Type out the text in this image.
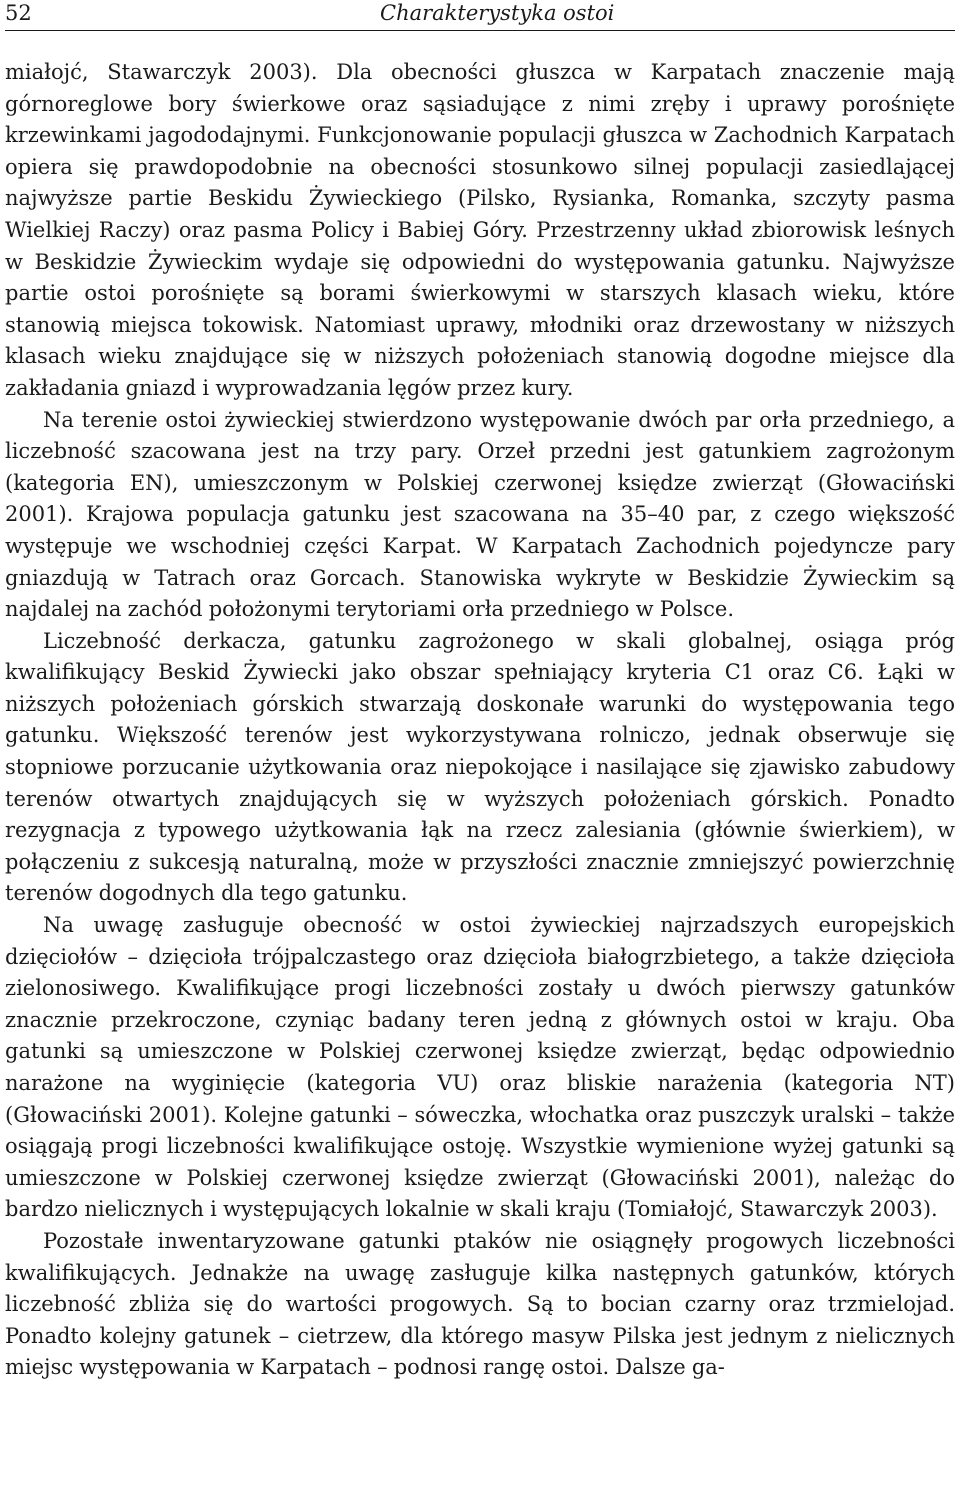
52	Charakterystyka ostoi

miałojć, Stawarczyk 2003). Dla obecności głuszca w Karpatach znaczenie mają górnoreglowe bory świerkowe oraz sąsiadujące z nimi zręby i uprawy porośnięte krzewinkami jagododajnymi. Funkcjonowanie populacji głuszca w Zachodnich Karpatach opiera się prawdopodobnie na obecności stosunkowo silnej populacji zasiedlającej najwyższe partie Beskidu Żywieckiego (Pilsko, Rysianka, Romanka, szczyty pasma Wielkiej Raczy) oraz pasma Policy i Babiej Góry. Przestrzenny układ zbiorowisk leśnych w Beskidzie Żywieckim wydaje się odpowiedni do występowania gatunku. Najwyższe partie ostoi porośnięte są borami świerkowymi w starszych klasach wieku, które stanowią miejsca tokowisk. Natomiast uprawy, młodniki oraz drzewostany w niższych klasach wieku znajdujące się w niższych położeniach stanowią dogodne miejsce dla zakładania gniazd i wyprowadzania lęgów przez kury.

Na terenie ostoi żywieckiej stwierdzono występowanie dwóch par orła przedniego, a liczebność szacowana jest na trzy pary. Orzeł przedni jest gatunkiem zagrożonym (kategoria EN), umieszczonym w Polskiej czerwonej księdze zwierząt (Głowaciński 2001). Krajowa populacja gatunku jest szacowana na 35–40 par, z czego większość występuje we wschodniej części Karpat. W Karpatach Zachodnich pojedyncze pary gniazdują w Tatrach oraz Gorcach. Stanowiska wykryte w Beskidzie Żywieckim są najdalej na zachód położonymi terytoriami orła przedniego w Polsce.

Liczebność derkacza, gatunku zagrożonego w skali globalnej, osiąga próg kwalifikujący Beskid Żywiecki jako obszar spełniający kryteria C1 oraz C6. Łąki w niższych położeniach górskich stwarzają doskonałe warunki do występowania tego gatunku. Większość terenów jest wykorzystywana rolniczo, jednak obserwuje się stopniowe porzucanie użytkowania oraz niepokojące i nasilające się zjawisko zabudowy terenów otwartych znajdujących się w wyższych położeniach górskich. Ponadto rezygnacja z typowego użytkowania łąk na rzecz zalesiania (głównie świerkiem), w połączeniu z sukcesją naturalną, może w przyszłości znacznie zmniejszyć powierzchnię terenów dogodnych dla tego gatunku.

Na uwagę zasługuje obecność w ostoi żywieckiej najrzadszych europejskich dzięciołów – dzięcioła trójpalczastego oraz dzięcioła białogrzbietego, a także dzięcioła zielonosiwego. Kwalifikujące progi liczebności zostały u dwóch pierwszy gatunków znacznie przekroczone, czyniąc badany teren jedną z głównych ostoi w kraju. Oba gatunki są umieszczone w Polskiej czerwonej księdze zwierząt, będąc odpowiednio narażone na wyginięcie (kategoria VU) oraz bliskie narażenia (kategoria NT) (Głowaciński 2001). Kolejne gatunki – sóweczka, włochatka oraz puszczyk uralski – także osiągają progi liczebności kwalifikujące ostoję. Wszystkie wymienione wyżej gatunki są umieszczone w Polskiej czerwonej księdze zwierząt (Głowaciński 2001), należąc do bardzo nielicznych i występujących lokalnie w skali kraju (Tomiałojć, Stawarczyk 2003).

Pozostałe inwentaryzowane gatunki ptaków nie osiągnęły progowych liczebności kwalifikujących. Jednakże na uwagę zasługuje kilka następnych gatunków, których liczebność zbliża się do wartości progowych. Są to bocian czarny oraz trzmielojad. Ponadto kolejny gatunek – cietrzew, dla którego masyw Pilska jest jednym z nielicznych miejsc występowania w Karpatach – podnosi rangę ostoi. Dalsze ga-
